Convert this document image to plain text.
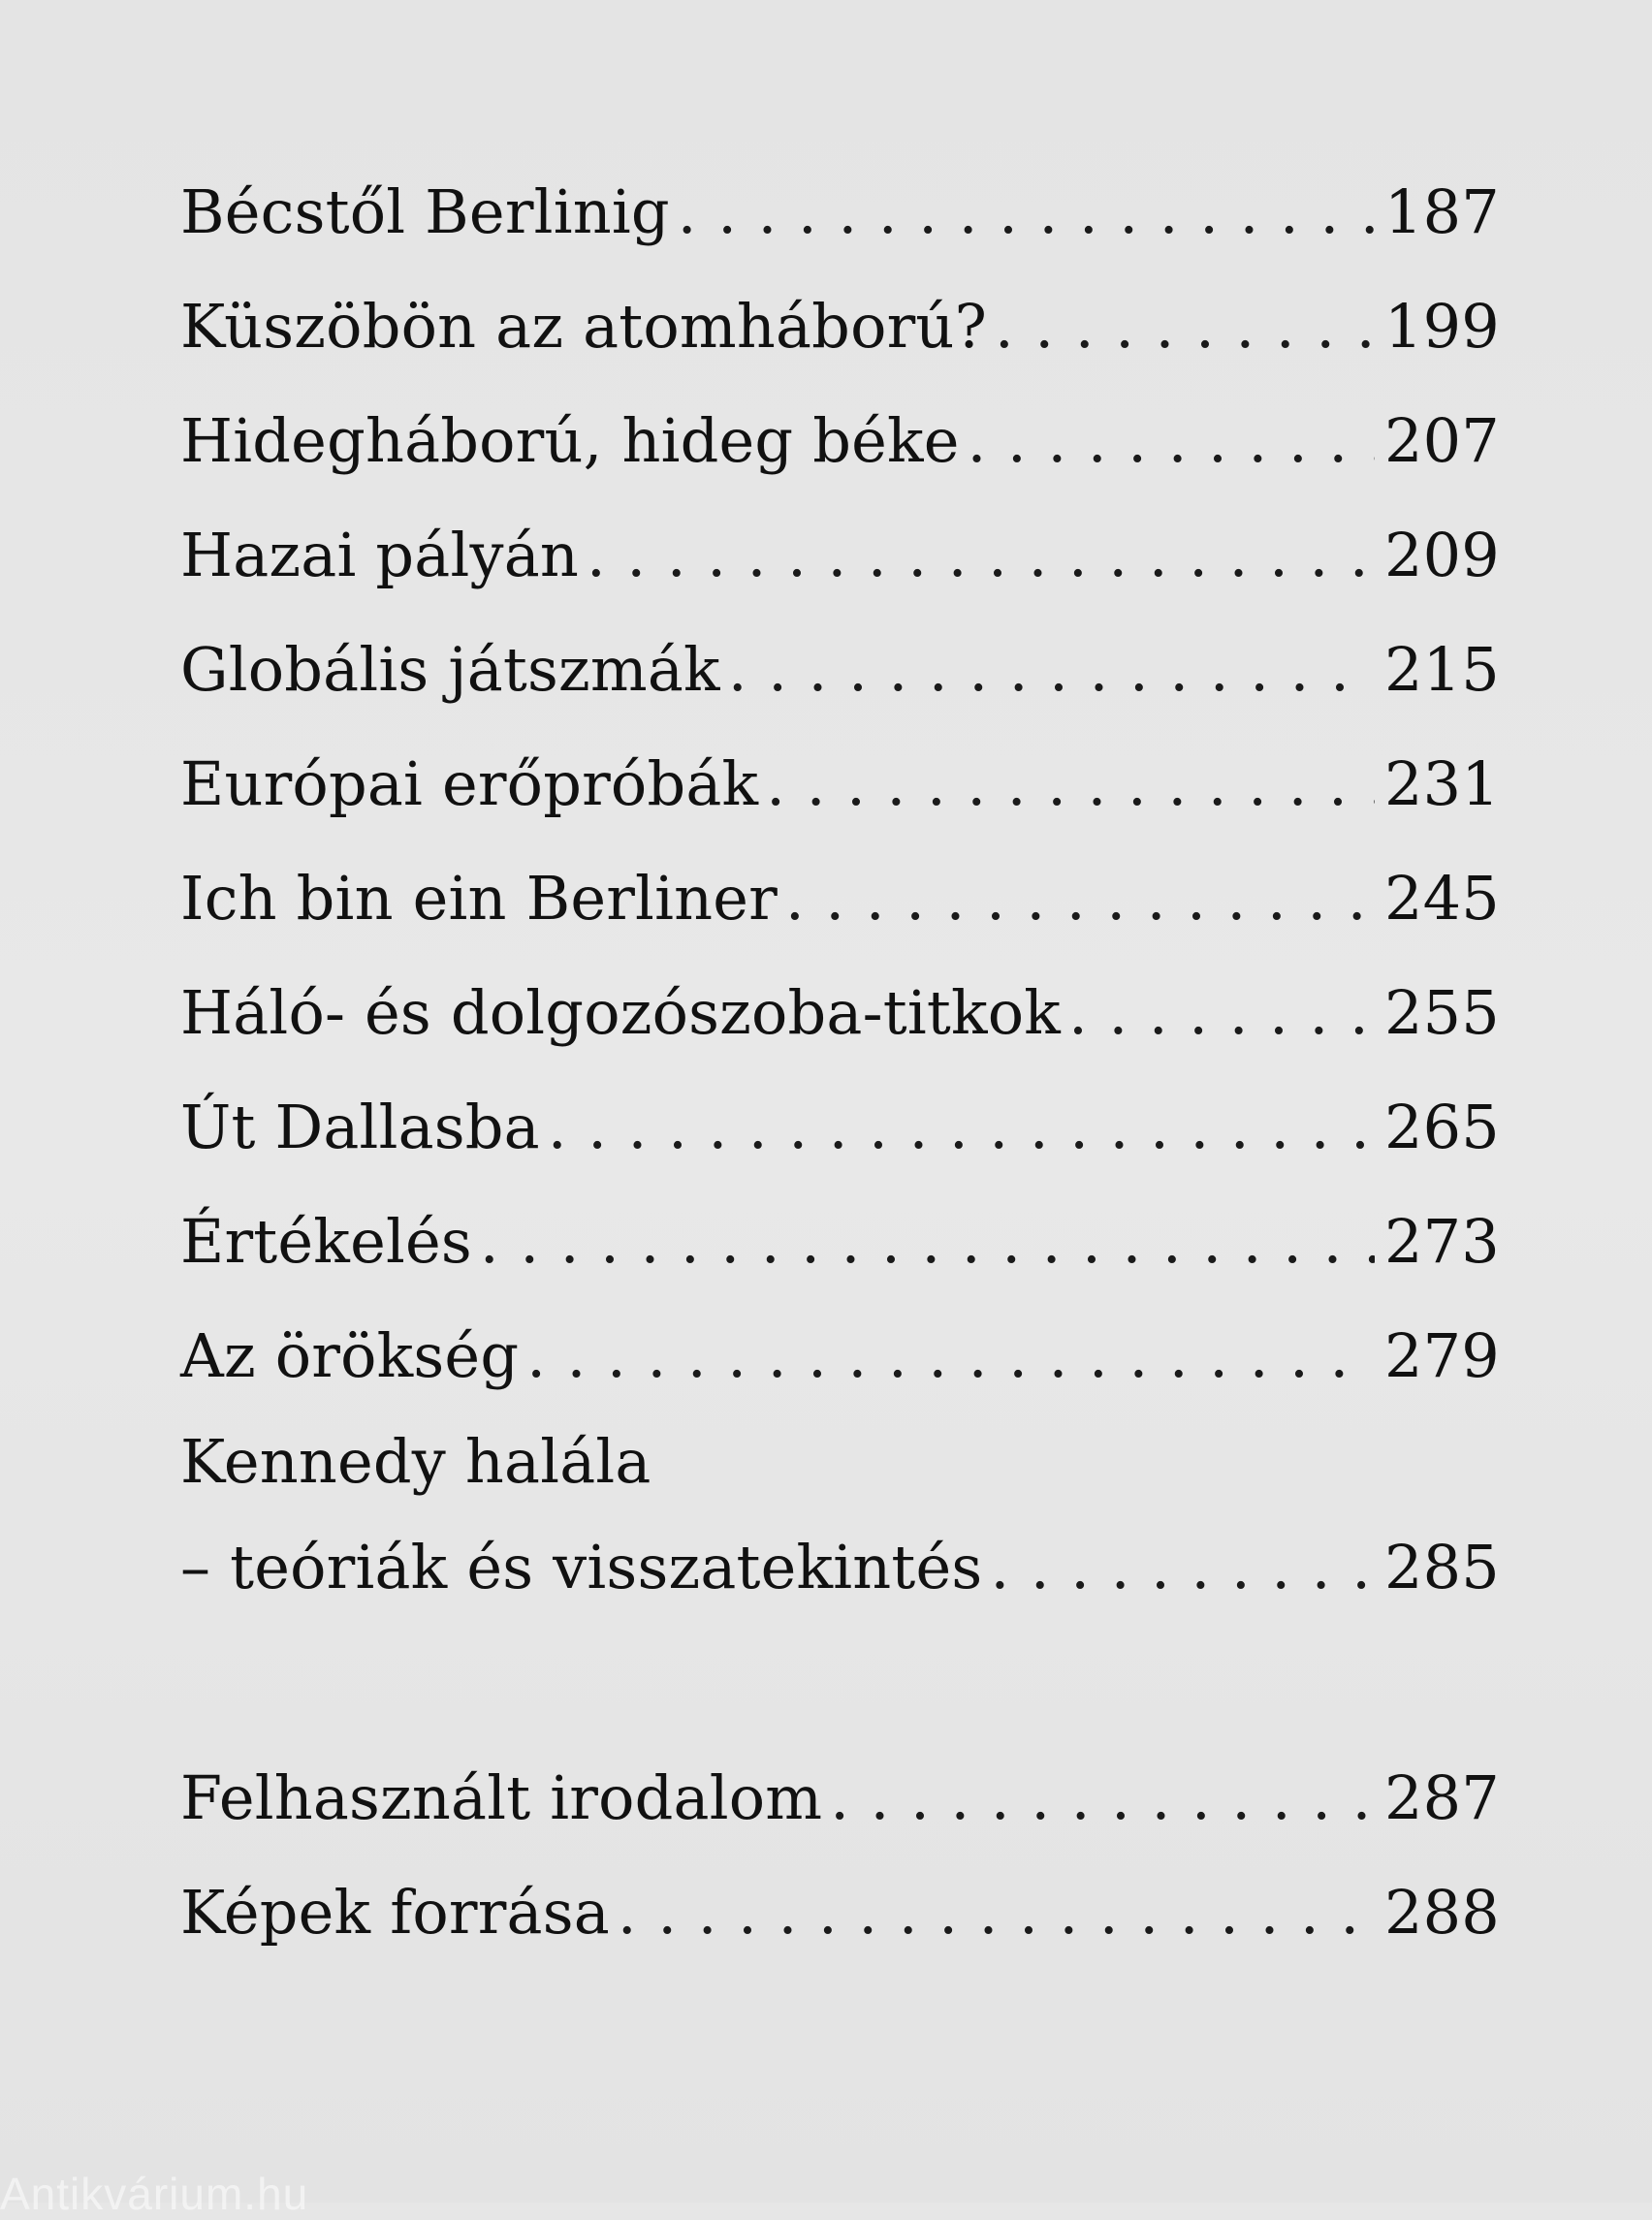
Bécstől Berlinig . . .	187
Küszöbön az atomháború? . . .	199
Hidegháború, hideg béke . . .	207
Hazai pályán . . .	209
Globális játszmák . . .	215
Európai erőpróbák . . .	231
Ich bin ein Berliner . . .	245
Háló- és dolgozószoba-titkok . . .	255
Út Dallasba . . .	265
Értékelés . . .	273
Az örökség . . .	279
Kennedy halála
– teóriák és visszatekintés . . .	285
Felhasznált irodalom . . .	287
Képek forrása . . .	288
Antikvárium.hu
